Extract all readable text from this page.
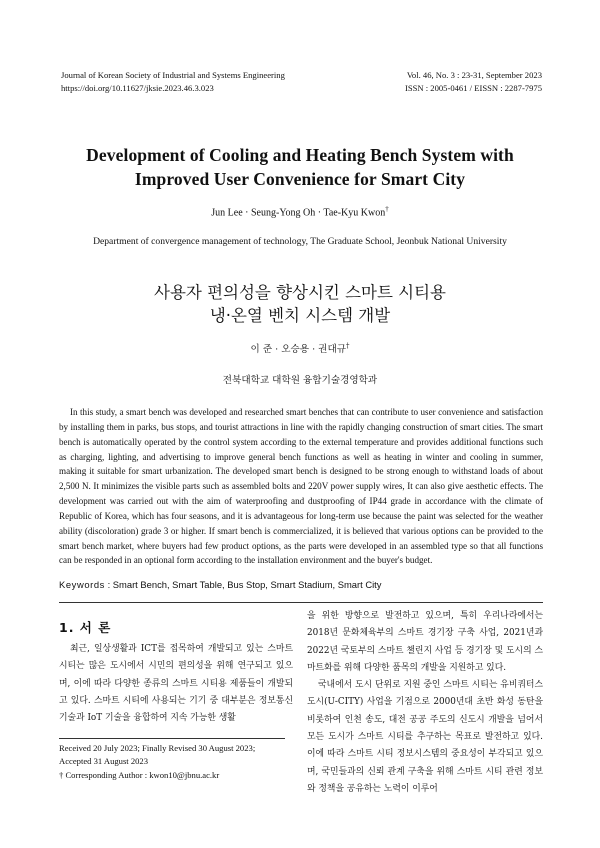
Journal of Korean Society of Industrial and Systems Engineering
https://doi.org/10.11627/jksie.2023.46.3.023
Vol. 46, No. 3 : 23-31, September 2023
ISSN : 2005-0461 / EISSN : 2287-7975
Development of Cooling and Heating Bench System with
Improved User Convenience for Smart City
Jun Lee · Seung-Yong Oh · Tae-Kyu Kwon†
Department of convergence management of technology, The Graduate School, Jeonbuk National University
사용자 편의성을 향상시킨 스마트 시티용
냉·온열 벤치 시스템 개발
이 준 · 오승용 · 권대규†
전북대학교 대학원 융합기술경영학과

In this study, a smart bench was developed and researched smart benches that can contribute to user convenience and satisfaction by installing them in parks, bus stops, and tourist attractions in line with the rapidly changing construction of smart cities. The smart bench is automatically operated by the control system according to the external temperature and provides additional functions such as charging, lighting, and advertising to improve general bench functions as well as heating in winter and cooling in summer, making it suitable for smart urbanization. The developed smart bench is designed to be strong enough to withstand loads of about 2,500 N. It minimizes the visible parts such as assembled bolts and 220V power supply wires, It can also give aesthetic effects. The development was carried out with the aim of waterproofing and dustproofing of IP44 grade in accordance with the climate of Republic of Korea, which has four seasons, and it is advantageous for long-term use because the paint was selected for the weather ability (discoloration) grade 3 or higher. If smart bench is commercialized, it is believed that various options can be provided to the smart bench market, where buyers had few product options, as the parts were developed in an assembled type so that all functions can be responded in an optional form according to the installation environment and the buyer's budget.

Keywords : Smart Bench, Smart Table, Bus Stop, Smart Stadium, Smart City
1. 서 론

최근, 일상생활과 ICT를 접목하여 개발되고 있는 스마트 시티는 많은 도시에서 시민의 편의성을 위해 연구되고 있으며, 이에 따라 다양한 종류의 스마트 시티용 제품들이 개발되고 있다. 스마트 시티에 사용되는 기기 중 대부분은 정보통신 기술과 IoT 기술을 융합하여 지속 가능한 생활

을 위한 방향으로 발전하고 있으며, 특히 우리나라에서는 2018년 문화체육부의 스마트 경기장 구축 사업, 2021년과 2022년 국토부의 스마트 챌린지 사업 등 경기장 및 도시의 스마트화를 위해 다양한 품목의 개발을 지원하고 있다.

국내에서 도시 단위로 지원 중인 스마트 시티는 유비쿼터스 도시(U-CITY) 사업을 기점으로 2000년대 초반 화성 동탄을 비롯하여 인천 송도, 대전 공공 주도의 신도시 개발을 넘어서 모든 도시가 스마트 시티를 추구하는 목표로 발전하고 있다. 이에 따라 스마트 시티 정보시스템의 중요성이 부각되고 있으며, 국민들과의 신뢰 관계 구축을 위해 스마트 시티 관련 정보와 정책을 공유하는 노력이 이루어

Received 20 July 2023; Finally Revised 30 August 2023;
Accepted 31 August 2023
† Corresponding Author : kwon10@jbnu.ac.kr
